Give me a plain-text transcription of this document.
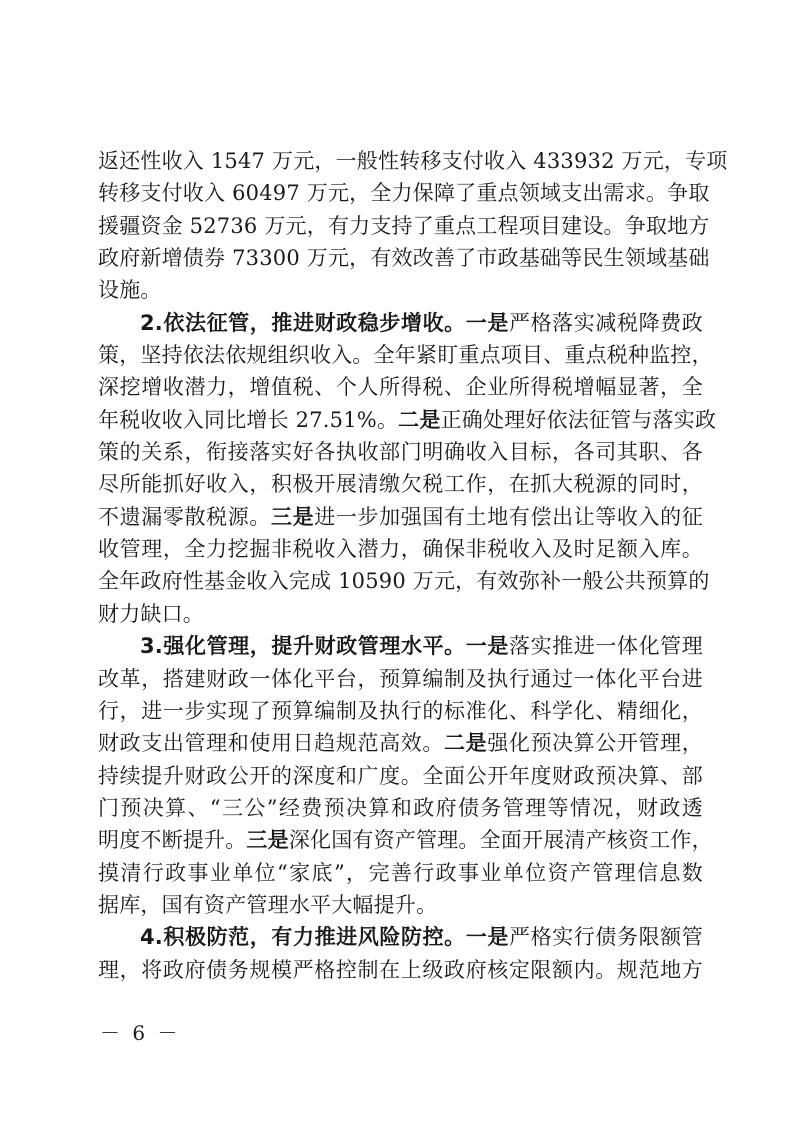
返还性收入 1547 万元，一般性转移支付收入 433932 万元，专项
转移支付收入 60497 万元，全力保障了重点领域支出需求。争取
援疆资金 52736 万元，有力支持了重点工程项目建设。争取地方
政府新增债券 73300 万元，有效改善了市政基础等民生领域基础
设施。
2.依法征管，推进财政稳步增收。一是严格落实减税降费政
策，坚持依法依规组织收入。全年紧盯重点项目、重点税种监控，
深挖增收潜力，增值税、个人所得税、企业所得税增幅显著，全
年税收收入同比增长 27.51%。二是正确处理好依法征管与落实政
策的关系，衔接落实好各执收部门明确收入目标，各司其职、各
尽所能抓好收入，积极开展清缴欠税工作，在抓大税源的同时，
不遗漏零散税源。三是进一步加强国有土地有偿出让等收入的征
收管理，全力挖掘非税收入潜力，确保非税收入及时足额入库。
全年政府性基金收入完成 10590 万元，有效弥补一般公共预算的
财力缺口。
3.强化管理，提升财政管理水平。一是落实推进一体化管理
改革，搭建财政一体化平台，预算编制及执行通过一体化平台进
行，进一步实现了预算编制及执行的标准化、科学化、精细化，
财政支出管理和使用日趋规范高效。二是强化预决算公开管理，
持续提升财政公开的深度和广度。全面公开年度财政预决算、部
门预决算、“三公”经费预决算和政府债务管理等情况，财政透
明度不断提升。三是深化国有资产管理。全面开展清产核资工作，
摸清行政事业单位“家底”，完善行政事业单位资产管理信息数
据库，国有资产管理水平大幅提升。
4.积极防范，有力推进风险防控。一是严格实行债务限额管
理，将政府债务规模严格控制在上级政府核定限额内。规范地方
－ 6 －
